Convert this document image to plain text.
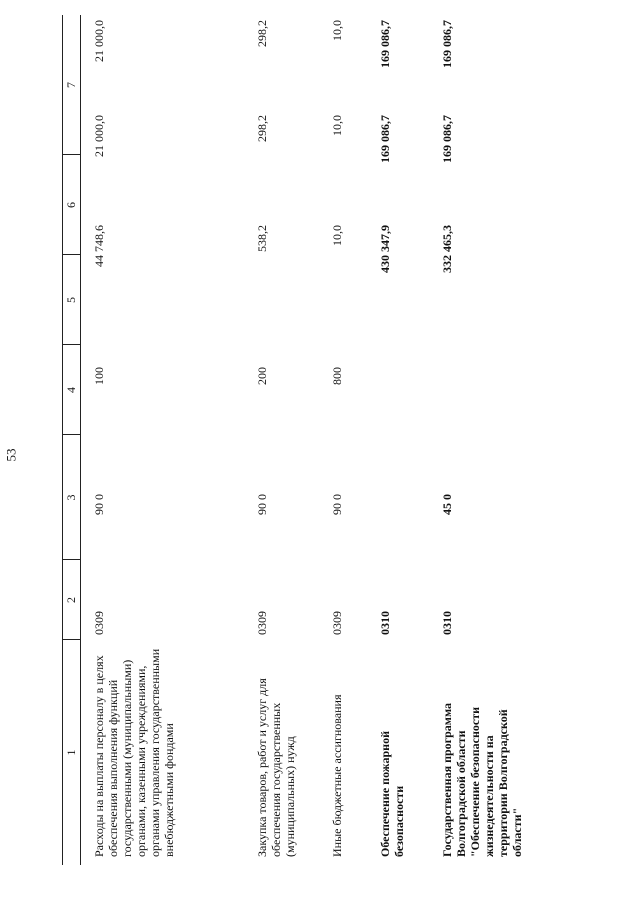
53
1
2
3
4
5
6
7
Расходы на выплаты персоналу в целях обеспечения выполнения функций государственными (муниципальными) органами, казенными учреждениями, органами управления государственными внебюджетными фондами
0309
90 0
100
44 748,6
21 000,0
21 000,0
Закупка товаров, работ и услуг для обеспечения государственных (муниципальных) нужд
0309
90 0
200
538,2
298,2
298,2
Иные бюджетные ассигнования
0309
90 0
800
10,0
10,0
10,0
Обеспечение пожарной безопасности
0310
430 347,9
169 086,7
169 086,7
Государственная программа Волгоградской области "Обеспечение безопасности жизнедеятельности на территории Волгоградской области"
0310
45 0
332 465,3
169 086,7
169 086,7
